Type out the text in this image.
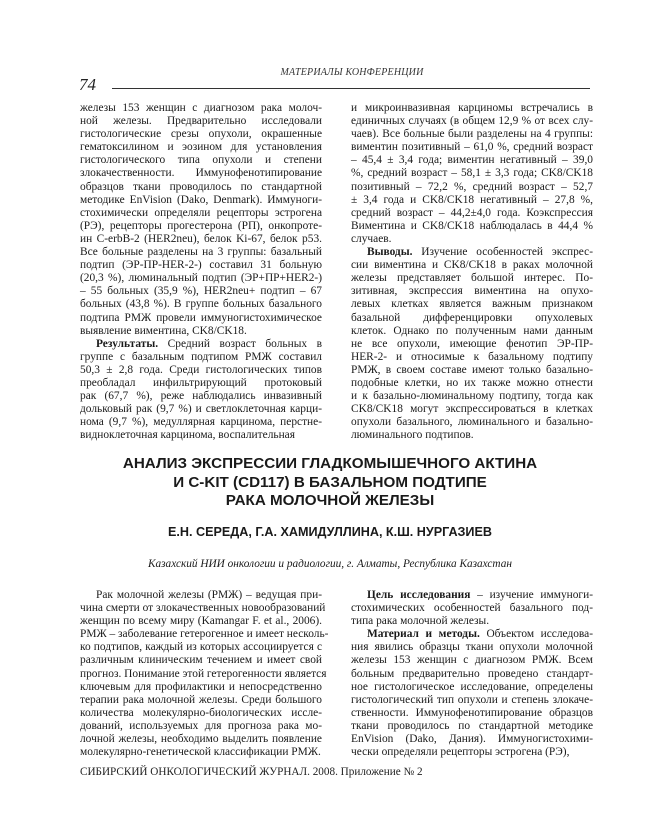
74
МАТЕРИАЛЫ КОНФЕРЕНЦИИ

железы 153 женщин с диагнозом рака молоч-
ной железы. Предварительно исследовали
гистологические срезы опухоли, окрашенные
гематоксилином и эозином для установления
гистологического типа опухоли и степени
злокачественности. Иммунофенотипирование
образцов ткани проводилось по стандартной
методике EnVision (Dako, Denmark). Иммуноги-
стохимически определяли рецепторы эстрогена
(РЭ), рецепторы прогестерона (РП), онкопроте-
ин C-erbB-2 (HER2neu), белок Ki-67, белок p53.
Все больные разделены на 3 группы: базальный
подтип (ЭР-ПР-HER-2-) составил 31 больную
(20,3 %), люминальный подтип (ЭР+ПР+HER2-)
– 55 больных (35,9 %), HER2neu+ подтип – 67
больных (43,8 %). В группе больных базального
подтипа РМЖ провели иммуногистохимическое
выявление виментина, CK8/CK18.

Результаты. Средний возраст больных в
группе с базальным подтипом РМЖ составил
50,3 ± 2,8 года. Среди гистологических типов
преобладал инфильтрирующий протоковый
рак (67,7 %), реже наблюдались инвазивный
дольковый рак (9,7 %) и светлоклеточная карци-
нома (9,7 %), медуллярная карцинома, перстне-
видноклеточная карцинома, воспалительная

и микроинвазивная карциномы встречались в
единичных случаях (в общем 12,9 % от всех слу-
чаев). Все больные были разделены на 4 группы:
виментин позитивный – 61,0 %, средний возраст
– 45,4 ± 3,4 года; виментин негативный – 39,0
%, средний возраст – 58,1 ± 3,3 года; CK8/CK18
позитивный – 72,2 %, средний возраст – 52,7
± 3,4 года и CK8/CK18 негативный – 27,8 %,
средний возраст – 44,2±4,0 года. Коэкспрессия
Виментина и CK8/CK18 наблюдалась в 44,4 %
случаев.

Выводы. Изучение особенностей экспрес-
сии виментина и CK8/CK18 в раках молочной
железы представляет большой интерес. По-
зитивная, экспрессия виментина на опухо-
левых клетках является важным признаком
базальной дифференцировки опухолевых
клеток. Однако по полученным нами данным
не все опухоли, имеющие фенотип ЭР-ПР-
HER-2- и относимые к базальному подтипу
РМЖ, в своем составе имеют только базально-
подобные клетки, но их также можно отнести
и к базально-люминальному подтипу, тогда как
CK8/CK18 могут экспрессироваться в клетках
опухоли базального, люминального и базально-
люминального подтипов.

АНАЛИЗ ЭКСПРЕССИИ ГЛАДКОМЫШЕЧНОГО АКТИНА
И C-KIT (CD117) В БАЗАЛЬНОМ ПОДТИПЕ
РАКА МОЛОЧНОЙ ЖЕЛЕЗЫ
Е.Н. СЕРЕДА, Г.А. ХАМИДУЛЛИНА, К.Ш. НУРГАЗИЕВ
Казахский НИИ онкологии и радиологии, г. Алматы, Республика Казахстан

Рак молочной железы (РМЖ) – ведущая при-
чина смерти от злокачественных новообразований
женщин по всему миру (Kamangar F. et al., 2006).
РМЖ – заболевание гетерогенное и имеет несколь-
ко подтипов, каждый из которых ассоциируется с
различным клиническим течением и имеет свой
прогноз. Понимание этой гетерогенности является
ключевым для профилактики и непосредственно
терапии рака молочной железы. Среди большого
количества молекулярно-биологических иссле-
дований, используемых для прогноза рака мо-
лочной железы, необходимо выделить появление
молекулярно-генетической классификации РМЖ.

Цель исследования – изучение иммуноги-
стохимических особенностей базального под-
типа рака молочной железы.

Материал и методы. Объектом исследова-
ния явились образцы ткани опухоли молочной
железы 153 женщин с диагнозом РМЖ. Всем
больным предварительно проведено стандарт-
ное гистологическое исследование, определены
гистологический тип опухоли и степень злокаче-
ственности. Иммунофенотипирование образцов
ткани проводилось по стандартной методике
EnVision (Dako, Дания). Иммуногистохими-
чески определяли рецепторы эстрогена (РЭ),

СИБИРСКИЙ ОНКОЛОГИЧЕСКИЙ ЖУРНАЛ. 2008. Приложение № 2
